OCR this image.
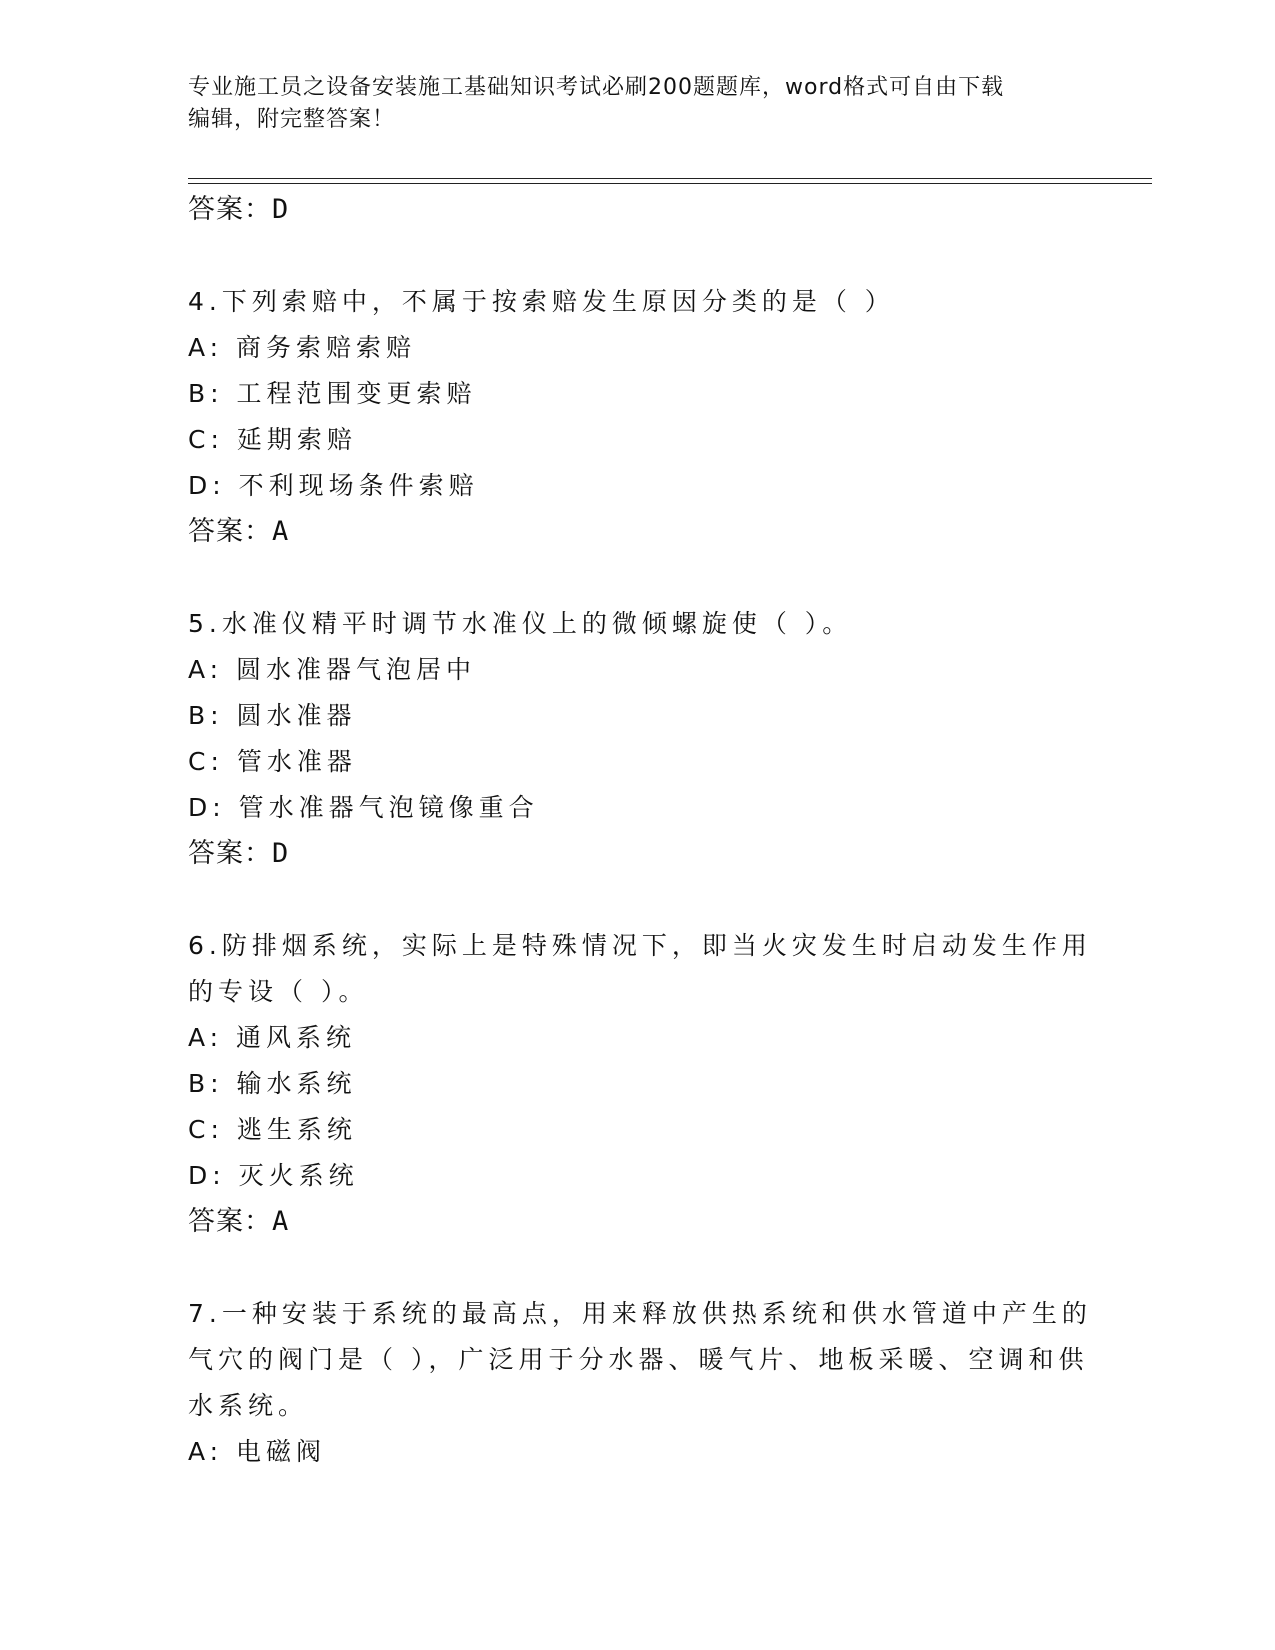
专业施工员之设备安装施工基础知识考试必刷200题题库，word格式可自由下载
编辑，附完整答案！

答案：D

4.下列索赔中，不属于按索赔发生原因分类的是（ ）

A: 商务索赔索赔

B: 工程范围变更索赔

C: 延期索赔

D: 不利现场条件索赔

答案：A

5.水准仪精平时调节水准仪上的微倾螺旋使（ ）。

A: 圆水准器气泡居中

B: 圆水准器

C: 管水准器

D: 管水准器气泡镜像重合

答案：D

6.防排烟系统，实际上是特殊情况下，即当火灾发生时启动发生作用

的专设（ ）。

A: 通风系统

B: 输水系统

C: 逃生系统

D: 灭火系统

答案：A

7.一种安装于系统的最高点，用来释放供热系统和供水管道中产生的

气穴的阀门是（ ），广泛用于分水器、暖气片、地板采暖、空调和供

水系统。

A: 电磁阀
